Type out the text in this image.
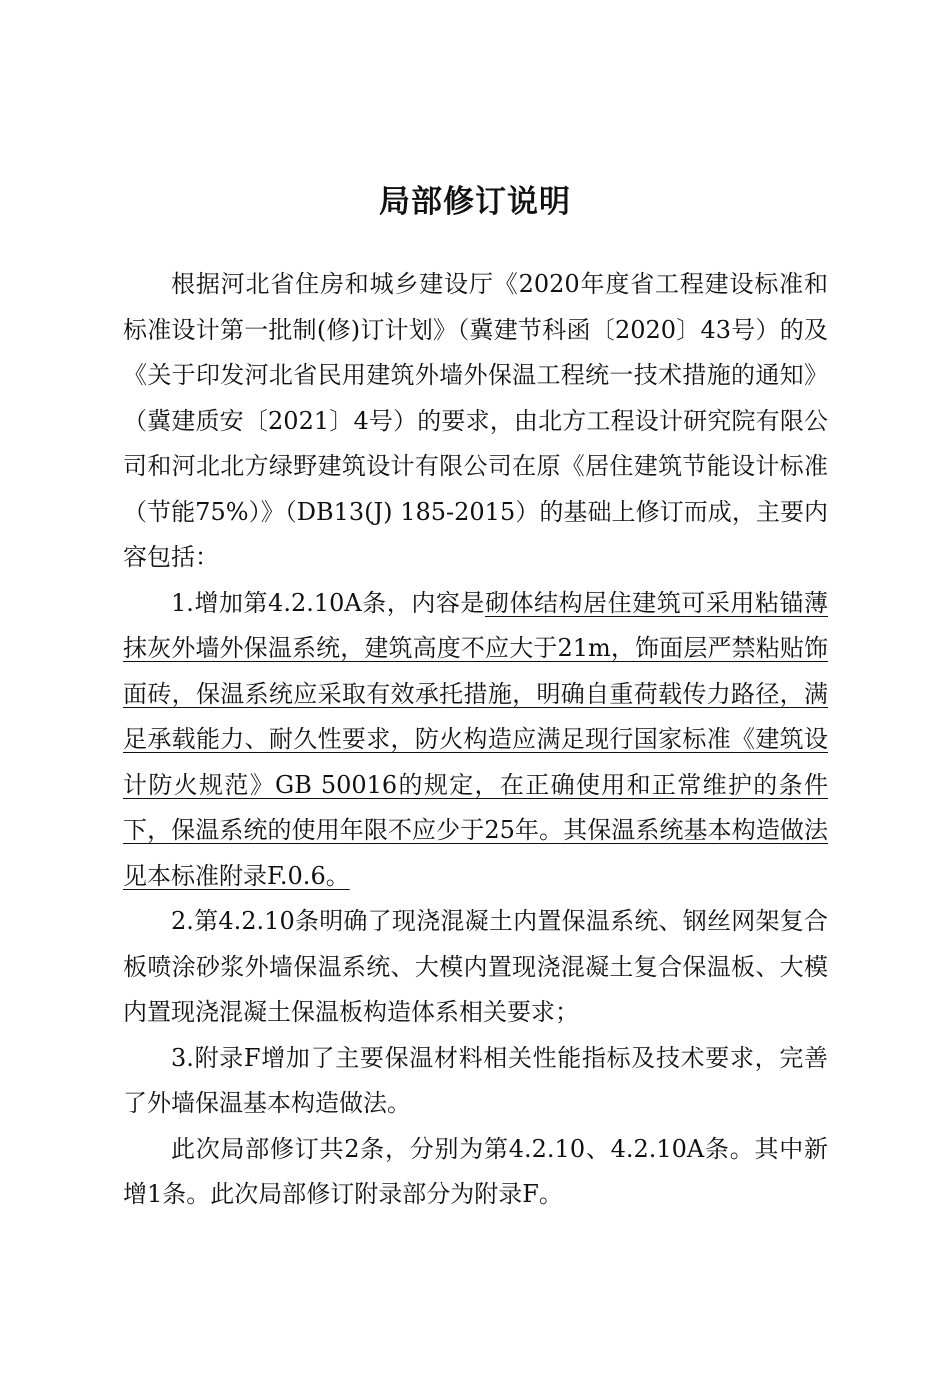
局部修订说明

根据河北省住房和城乡建设厅《2020年度省工程建设标准和标准设计第一批制(修)订计划》（冀建节科函〔2020〕43号）的及《关于印发河北省民用建筑外墙外保温工程统一技术措施的通知》（冀建质安〔2021〕4号）的要求，由北方工程设计研究院有限公司和河北北方绿野建筑设计有限公司在原《居住建筑节能设计标准（节能75%）》（DB13(J) 185-2015）的基础上修订而成，主要内容包括：

1.增加第4.2.10A条，内容是砌体结构居住建筑可采用粘锚薄抹灰外墙外保温系统，建筑高度不应大于21m，饰面层严禁粘贴饰面砖，保温系统应采取有效承托措施，明确自重荷载传力路径，满足承载能力、耐久性要求，防火构造应满足现行国家标准《建筑设计防火规范》GB 50016的规定，在正确使用和正常维护的条件下，保温系统的使用年限不应少于25年。其保温系统基本构造做法见本标准附录F.0.6。

2.第4.2.10条明确了现浇混凝土内置保温系统、钢丝网架复合板喷涂砂浆外墙保温系统、大模内置现浇混凝土复合保温板、大模内置现浇混凝土保温板构造体系相关要求；

3.附录F增加了主要保温材料相关性能指标及技术要求，完善了外墙保温基本构造做法。

此次局部修订共2条，分别为第4.2.10、4.2.10A条。其中新增1条。此次局部修订附录部分为附录F。
